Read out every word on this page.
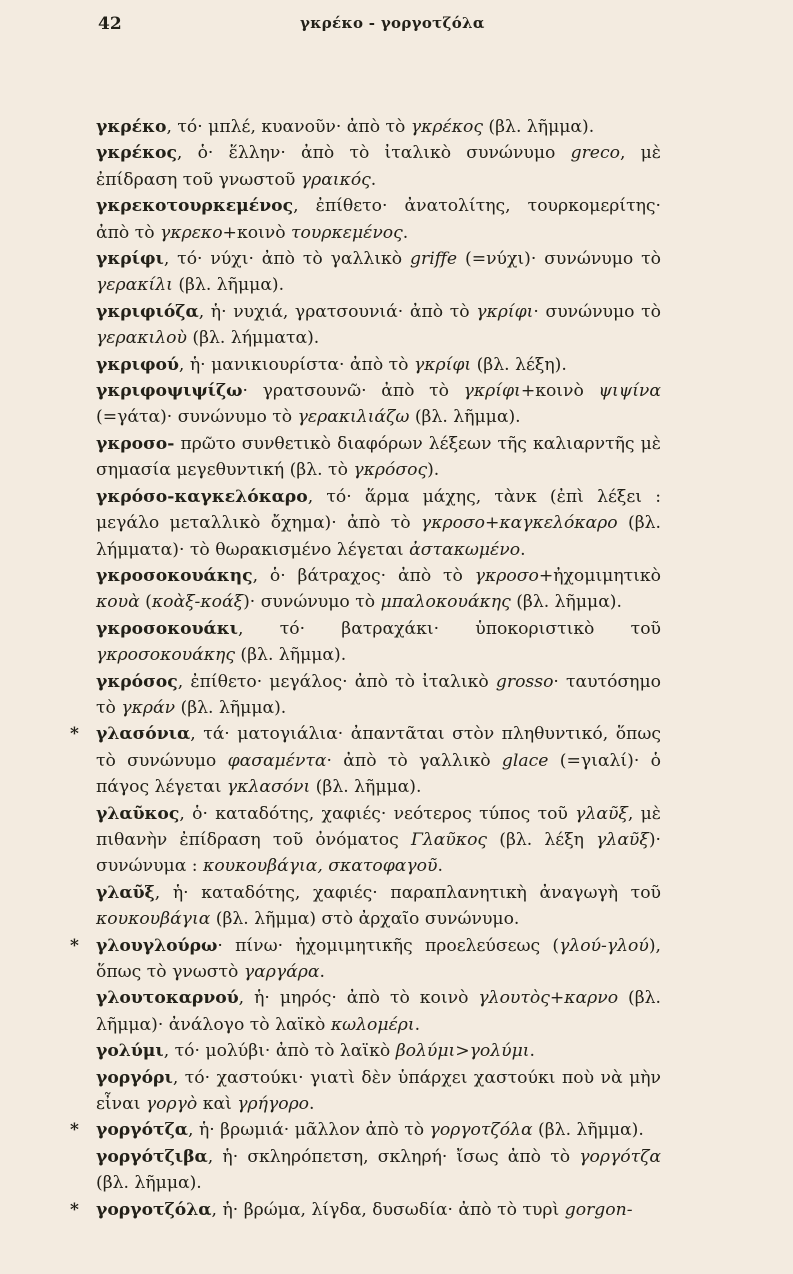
42	γκρέκο - γοργοτζόλα

γκρέκο, τό· μπλέ, κυανοῦν· ἀπὸ τὸ γκρέκος (βλ. λῆμμα).

γκρέκος, ὁ· ἕλλην· ἀπὸ τὸ ἰταλικὸ συνώνυμο greco, μὲ ἐπίδραση τοῦ γνωστοῦ γραικός.

γκρεκοτουρκεμένος, ἐπίθετο· ἀνατολίτης, τουρκομερίτης· ἀπὸ τὸ γκρεκο+κοινὸ τουρκεμένος.

γκρίφι, τό· νύχι· ἀπὸ τὸ γαλλικὸ griffe (=νύχι)· συνώνυμο τὸ γερακίλι (βλ. λῆμμα).

γκριφιόζα, ἡ· νυχιά, γρατσουνιά· ἀπὸ τὸ γκρίφι· συνώνυμο τὸ γερακιλοὺ (βλ. λήμματα).

γκριφού, ἡ· μανικιουρίστα· ἀπὸ τὸ γκρίφι (βλ. λέξη).

γκριφοψιψίζω· γρατσουνῶ· ἀπὸ τὸ γκρίφι+κοινὸ ψιψίνα (=γάτα)· συνώνυμο τὸ γερακιλιάζω (βλ. λῆμμα).

γκροσο- πρῶτο συνθετικὸ διαφόρων λέξεων τῆς καλιαρντῆς μὲ σημασία μεγεθυντική (βλ. τὸ γκρόσος).

γκρόσο-καγκελόκαρο, τό· ἅρμα μάχης, τὰνκ (ἐπὶ λέξει : μεγάλο μεταλλικὸ ὄχημα)· ἀπὸ τὸ γκροσο+καγκελόκαρο (βλ. λήμματα)· τὸ θωρακισμένο λέγεται ἀστακωμένο.

γκροσοκουάκης, ὁ· βάτραχος· ἀπὸ τὸ γκροσο+ἠχομιμητικὸ κουὰ (κοὰξ-κοάξ)· συνώνυμο τὸ μπαλοκουάκης (βλ. λῆμμα).

γκροσοκουάκι, τό· βατραχάκι· ὑποκοριστικὸ τοῦ γκροσοκουάκης (βλ. λῆμμα).

γκρόσος, ἐπίθετο· μεγάλος· ἀπὸ τὸ ἰταλικὸ grosso· ταυτόσημο τὸ γκράν (βλ. λῆμμα).

* γλασόνια, τά· ματογιάλια· ἀπαντᾶται στὸν πληθυντικό, ὅπως τὸ συνώνυμο φασαμέντα· ἀπὸ τὸ γαλλικὸ glace (=γιαλί)· ὁ πάγος λέγεται γκλασόνι (βλ. λῆμμα).

γλαῦκος, ὁ· καταδότης, χαφιές· νεότερος τύπος τοῦ γλαῦξ, μὲ πιθανὴν ἐπίδραση τοῦ ὀνόματος Γλαῦκος (βλ. λέξη γλαῦξ)· συνώνυμα : κουκουβάγια, σκατοφαγοῦ.

γλαῦξ, ἡ· καταδότης, χαφιές· παραπλανητικὴ ἀναγωγὴ τοῦ κουκουβάγια (βλ. λῆμμα) στὸ ἀρχαῖο συνώνυμο.

* γλουγλούρω· πίνω· ἠχομιμητικῆς προελεύσεως (γλού-γλού), ὅπως τὸ γνωστὸ γαργάρα.

γλουτοκαρνού, ἡ· μηρός· ἀπὸ τὸ κοινὸ γλουτὸς+καρνο (βλ. λῆμμα)· ἀνάλογο τὸ λαϊκὸ κωλομέρι.

γολύμι, τό· μολύβι· ἀπὸ τὸ λαϊκὸ βολύμι>γολύμι.

γοργόρι, τό· χαστούκι· γιατὶ δὲν ὑπάρχει χαστούκι ποὺ νὰ μὴν εἶναι γοργὸ καὶ γρήγορο.

* γοργότζα, ἡ· βρωμιά· μᾶλλον ἀπὸ τὸ γοργοτζόλα (βλ. λῆμμα).

γοργότζιβα, ἡ· σκληρόπετση, σκληρή· ἴσως ἀπὸ τὸ γοργότζα (βλ. λῆμμα).

* γοργοτζόλα, ἡ· βρώμα, λίγδα, δυσωδία· ἀπὸ τὸ τυρὶ gorgon-
